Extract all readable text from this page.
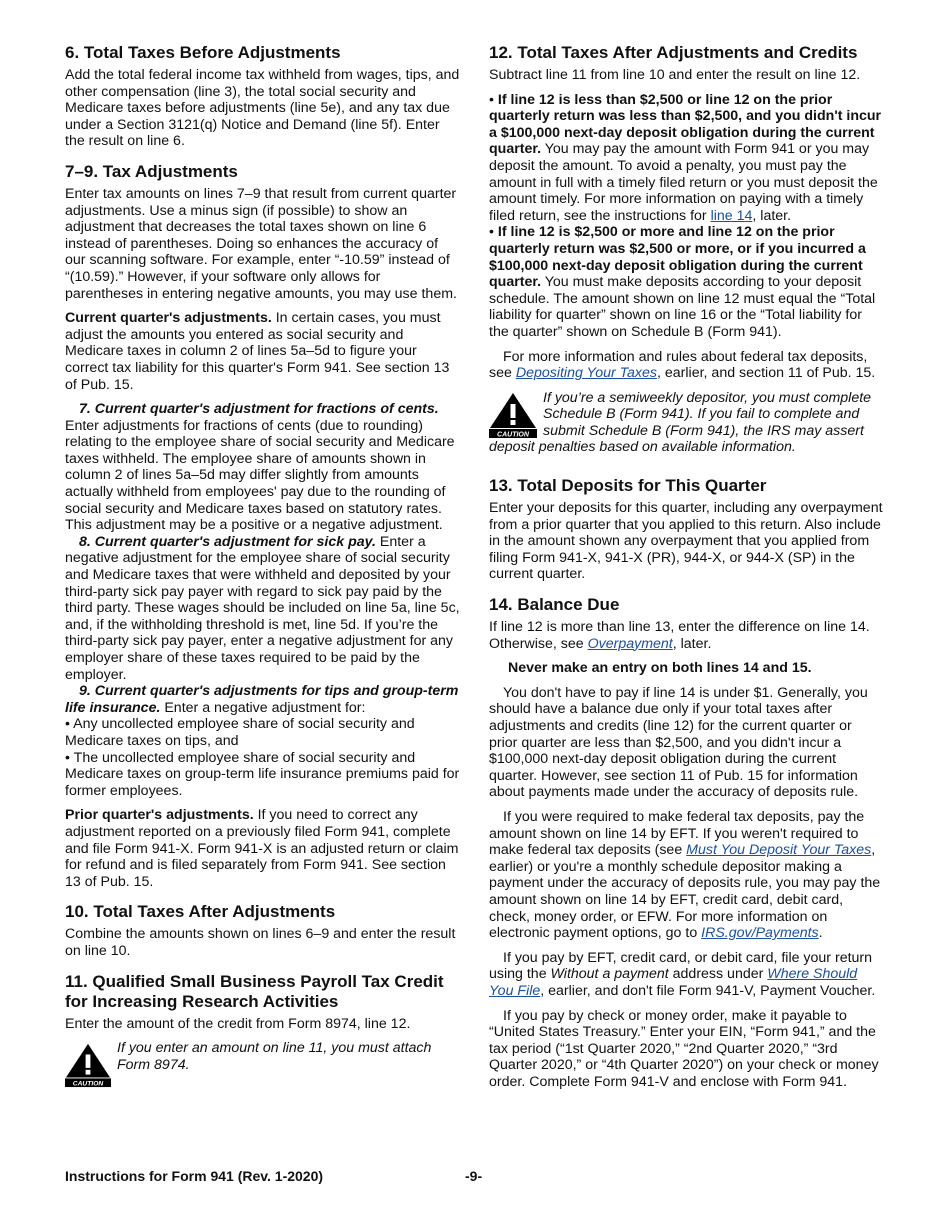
6. Total Taxes Before Adjustments

Add the total federal income tax withheld from wages, tips, and other compensation (line 3), the total social security and Medicare taxes before adjustments (line 5e), and any tax due under a Section 3121(q) Notice and Demand (line 5f). Enter the result on line 6.

7–9. Tax Adjustments

Enter tax amounts on lines 7–9 that result from current quarter adjustments. Use a minus sign (if possible) to show an adjustment that decreases the total taxes shown on line 6 instead of parentheses. Doing so enhances the accuracy of our scanning software. For example, enter “-10.59” instead of “(10.59).” However, if your software only allows for parentheses in entering negative amounts, you may use them.

Current quarter's adjustments. In certain cases, you must adjust the amounts you entered as social security and Medicare taxes in column 2 of lines 5a–5d to figure your correct tax liability for this quarter's Form 941. See section 13 of Pub. 15.

7. Current quarter's adjustment for fractions of cents. Enter adjustments for fractions of cents (due to rounding) relating to the employee share of social security and Medicare taxes withheld. The employee share of amounts shown in column 2 of lines 5a–5d may differ slightly from amounts actually withheld from employees' pay due to the rounding of social security and Medicare taxes based on statutory rates. This adjustment may be a positive or a negative adjustment.

8. Current quarter's adjustment for sick pay. Enter a negative adjustment for the employee share of social security and Medicare taxes that were withheld and deposited by your third-party sick pay payer with regard to sick pay paid by the third party. These wages should be included on line 5a, line 5c, and, if the withholding threshold is met, line 5d. If you’re the third-party sick pay payer, enter a negative adjustment for any employer share of these taxes required to be paid by the employer.

9. Current quarter's adjustments for tips and group-term life insurance. Enter a negative adjustment for:

• Any uncollected employee share of social security and Medicare taxes on tips, and

• The uncollected employee share of social security and Medicare taxes on group-term life insurance premiums paid for former employees.

Prior quarter's adjustments. If you need to correct any adjustment reported on a previously filed Form 941, complete and file Form 941-X. Form 941-X is an adjusted return or claim for refund and is filed separately from Form 941. See section 13 of Pub. 15.

10. Total Taxes After Adjustments

Combine the amounts shown on lines 6–9 and enter the result on line 10.

11. Qualified Small Business Payroll Tax Credit for Increasing Research Activities

Enter the amount of the credit from Form 8974, line 12.

CAUTION
If you enter an amount on line 11, you must attach Form 8974.
12. Total Taxes After Adjustments and Credits

Subtract line 11 from line 10 and enter the result on line 12.

• If line 12 is less than $2,500 or line 12 on the prior quarterly return was less than $2,500, and you didn't incur a $100,000 next-day deposit obligation during the current quarter. You may pay the amount with Form 941 or you may deposit the amount. To avoid a penalty, you must pay the amount in full with a timely filed return or you must deposit the amount timely. For more information on paying with a timely filed return, see the instructions for line 14, later.

• If line 12 is $2,500 or more and line 12 on the prior quarterly return was $2,500 or more, or if you incurred a $100,000 next-day deposit obligation during the current quarter. You must make deposits according to your deposit schedule. The amount shown on line 12 must equal the “Total liability for quarter” shown on line 16 or the “Total liability for the quarter” shown on Schedule B (Form 941).

For more information and rules about federal tax deposits, see Depositing Your Taxes, earlier, and section 11 of Pub. 15.

CAUTION
If you’re a semiweekly depositor, you must complete Schedule B (Form 941). If you fail to complete and submit Schedule B (Form 941), the IRS may assert deposit penalties based on available information.
13. Total Deposits for This Quarter

Enter your deposits for this quarter, including any overpayment from a prior quarter that you applied to this return. Also include in the amount shown any overpayment that you applied from filing Form 941-X, 941-X (PR), 944-X, or 944-X (SP) in the current quarter.

14. Balance Due

If line 12 is more than line 13, enter the difference on line 14. Otherwise, see Overpayment, later.

Never make an entry on both lines 14 and 15.

You don't have to pay if line 14 is under $1. Generally, you should have a balance due only if your total taxes after adjustments and credits (line 12) for the current quarter or prior quarter are less than $2,500, and you didn't incur a $100,000 next-day deposit obligation during the current quarter. However, see section 11 of Pub. 15 for information about payments made under the accuracy of deposits rule.

If you were required to make federal tax deposits, pay the amount shown on line 14 by EFT. If you weren't required to make federal tax deposits (see Must You Deposit Your Taxes, earlier) or you're a monthly schedule depositor making a payment under the accuracy of deposits rule, you may pay the amount shown on line 14 by EFT, credit card, debit card, check, money order, or EFW. For more information on electronic payment options, go to IRS.gov/Payments.

If you pay by EFT, credit card, or debit card, file your return using the Without a payment address under Where Should You File, earlier, and don't file Form 941-V, Payment Voucher.

If you pay by check or money order, make it payable to “United States Treasury.” Enter your EIN, “Form 941,” and the tax period (“1st Quarter 2020,” “2nd Quarter 2020,” “3rd Quarter 2020,” or “4th Quarter 2020”) on your check or money order. Complete Form 941-V and enclose with Form 941.

Instructions for Form 941 (Rev. 1-2020)	-9-
